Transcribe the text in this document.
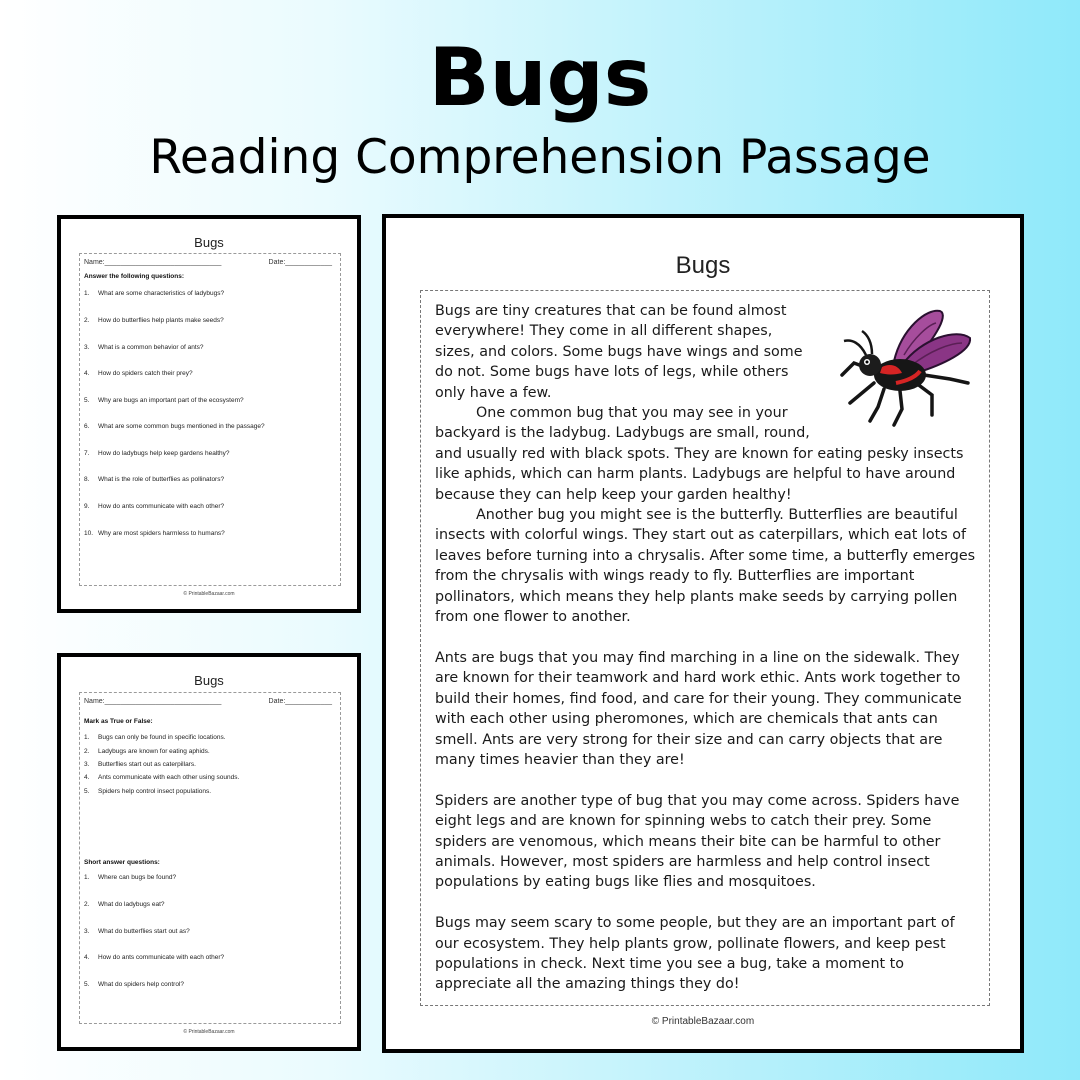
Bugs
Reading Comprehension Passage
Bugs
Name:______________________________	Date:____________
Answer the following questions:
1. What are some characteristics of ladybugs?
2. How do butterflies help plants make seeds?
3. What is a common behavior of ants?
4. How do spiders catch their prey?
5. Why are bugs an important part of the ecosystem?
6. What are some common bugs mentioned in the passage?
7. How do ladybugs help keep gardens healthy?
8. What is the role of butterflies as pollinators?
9. How do ants communicate with each other?
10. Why are most spiders harmless to humans?
© PrintableBazaar.com
Bugs
Name:______________________________	Date:____________
Mark as True or False:
1. Bugs can only be found in specific locations.
2. Ladybugs are known for eating aphids.
3. Butterflies start out as caterpillars.
4. Ants communicate with each other using sounds.
5. Spiders help control insect populations.
Short answer questions:
1. Where can bugs be found?
2. What do ladybugs eat?
3. What do butterflies start out as?
4. How do ants communicate with each other?
5. What do spiders help control?
© PrintableBazaar.com
Bugs

Bugs are tiny creatures that can be found almost everywhere! They come in all different shapes, sizes, and colors. Some bugs have wings and some do not. Some bugs have lots of legs, while others only have a few.

One common bug that you may see in your backyard is the ladybug. Ladybugs are small, round, and usually red with black spots. They are known for eating pesky insects like aphids, which can harm plants. Ladybugs are helpful to have around because they can help keep your garden healthy!

Another bug you might see is the butterfly. Butterflies are beautiful insects with colorful wings. They start out as caterpillars, which eat lots of leaves before turning into a chrysalis. After some time, a butterfly emerges from the chrysalis with wings ready to fly. Butterflies are important pollinators, which means they help plants make seeds by carrying pollen from one flower to another.

Ants are bugs that you may find marching in a line on the sidewalk. They are known for their teamwork and hard work ethic. Ants work together to build their homes, find food, and care for their young. They communicate with each other using pheromones, which are chemicals that ants can smell. Ants are very strong for their size and can carry objects that are many times heavier than they are!

Spiders are another type of bug that you may come across. Spiders have eight legs and are known for spinning webs to catch their prey. Some spiders are venomous, which means their bite can be harmful to other animals. However, most spiders are harmless and help control insect populations by eating bugs like flies and mosquitoes.

Bugs may seem scary to some people, but they are an important part of our ecosystem. They help plants grow, pollinate flowers, and keep pest populations in check. Next time you see a bug, take a moment to appreciate all the amazing things they do!

© PrintableBazaar.com
